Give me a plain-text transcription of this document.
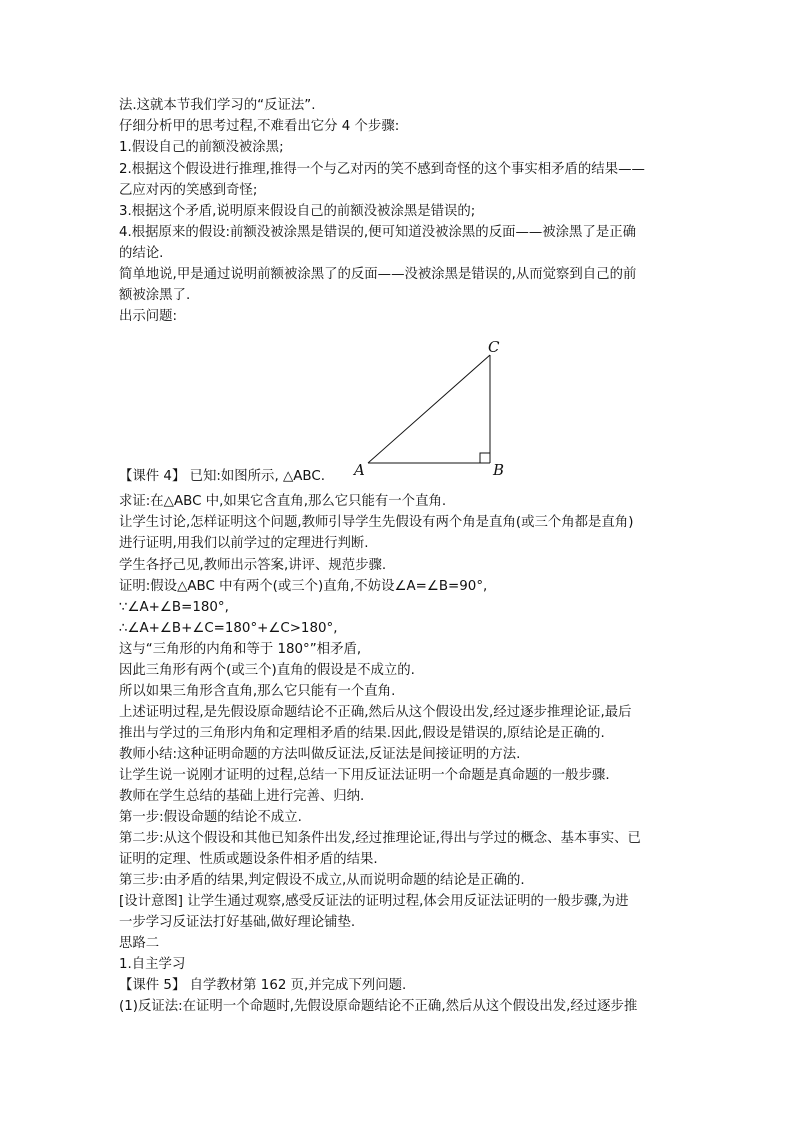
法.这就本节我们学习的“反证法”.
仔细分析甲的思考过程,不难看出它分 4 个步骤:
1.假设自己的前额没被涂黑;
2.根据这个假设进行推理,推得一个与乙对丙的笑不感到奇怪的这个事实相矛盾的结果——
乙应对丙的笑感到奇怪;
3.根据这个矛盾,说明原来假设自己的前额没被涂黑是错误的;
4.根据原来的假设:前额没被涂黑是错误的,便可知道没被涂黑的反面——被涂黑了是正确
的结论.
简单地说,甲是通过说明前额被涂黑了的反面——没被涂黑是错误的,从而觉察到自己的前
额被涂黑了.
出示问题:
A	B
C
【课件 4】 已知:如图所示, △ABC.
求证:在△ABC 中,如果它含直角,那么它只能有一个直角.
让学生讨论,怎样证明这个问题,教师引导学生先假设有两个角是直角(或三个角都是直角)
进行证明,用我们以前学过的定理进行判断.
学生各抒己见,教师出示答案,讲评、规范步骤.
证明:假设△ABC 中有两个(或三个)直角,不妨设∠A=∠B=90°,
∵∠A+∠B=180°,
∴∠A+∠B+∠C=180°+∠C>180°,
这与“三角形的内角和等于 180°”相矛盾,
因此三角形有两个(或三个)直角的假设是不成立的.
所以如果三角形含直角,那么它只能有一个直角.
上述证明过程,是先假设原命题结论不正确,然后从这个假设出发,经过逐步推理论证,最后
推出与学过的三角形内角和定理相矛盾的结果.因此,假设是错误的,原结论是正确的.
教师小结:这种证明命题的方法叫做反证法,反证法是间接证明的方法.
让学生说一说刚才证明的过程,总结一下用反证法证明一个命题是真命题的一般步骤.
教师在学生总结的基础上进行完善、归纳.
第一步:假设命题的结论不成立.
第二步:从这个假设和其他已知条件出发,经过推理论证,得出与学过的概念、基本事实、已
证明的定理、性质或题设条件相矛盾的结果.
第三步:由矛盾的结果,判定假设不成立,从而说明命题的结论是正确的.
[设计意图] 让学生通过观察,感受反证法的证明过程,体会用反证法证明的一般步骤,为进
一步学习反证法打好基础,做好理论铺垫.
思路二
1.自主学习
【课件 5】 自学教材第 162 页,并完成下列问题.
(1)反证法:在证明一个命题时,先假设原命题结论不正确,然后从这个假设出发,经过逐步推
